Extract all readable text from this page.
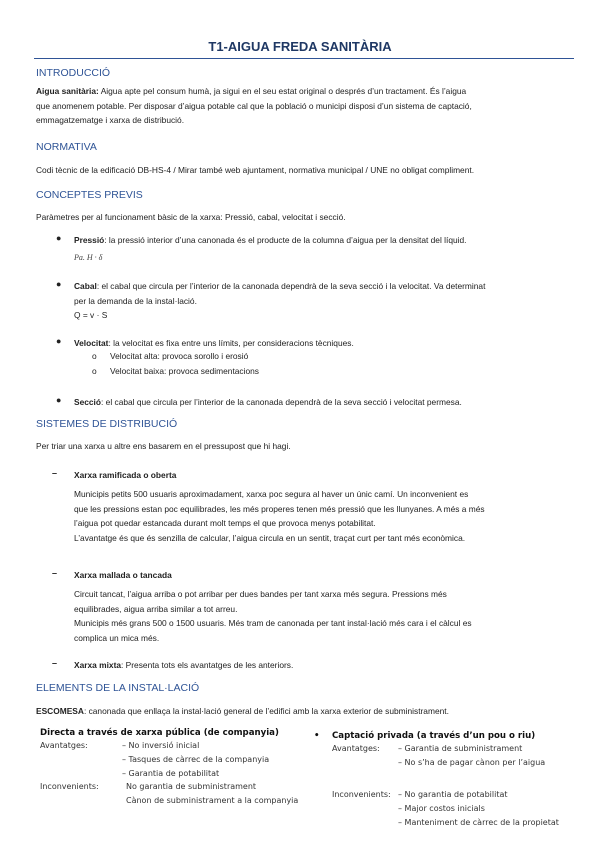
T1-AIGUA FREDA SANITÀRIA
INTRODUCCIÓ
Aigua sanitària: Aigua apte pel consum humà, ja sigui en el seu estat original o després d’un tractament. És l’aigua
que anomenem potable. Per disposar d’aigua potable cal que la població o municipi disposi d’un sistema de captació,
emmagatzematge i xarxa de distribució.
NORMATIVA
Codi tècnic de la edificació DB-HS-4 / Mirar també web ajuntament, normativa municipal / UNE no obligat compliment.
CONCEPTES PREVIS
Paràmetres per al funcionament bàsic de la xarxa: Pressió, cabal, velocitat i secció.
● Pressió: la pressió interior d’una canonada és el producte de la columna d’aigua per la densitat del líquid.
Pa. H · δ
● Cabal: el cabal que circula per l’interior de la canonada dependrà de la seva secció i la velocitat. Va determinat
per la demanda de la instal·lació.
Q = v · S
● Velocitat: la velocitat es fixa entre uns límits, per consideracions tècniques.
o Velocitat alta: provoca sorollo i erosió
o Velocitat baixa: provoca sedimentacions
● Secció: el cabal que circula per l’interior de la canonada dependrà de la seva secció i velocitat permesa.
SISTEMES DE DISTRIBUCIÓ
Per triar una xarxa u altre ens basarem en el pressupost que hi hagi.
– Xarxa ramificada o oberta
Municipis petits 500 usuaris aproximadament, xarxa poc segura al haver un únic camí. Un inconvenient es
que les pressions estan poc equilibrades, les més properes tenen més pressió que les llunyanes. A més a més
l’aigua pot quedar estancada durant molt temps el que provoca menys potabilitat.
L’avantatge és que és senzilla de calcular, l’aigua circula en un sentit, traçat curt per tant més econòmica.
– Xarxa mallada o tancada
Circuit tancat, l’aigua arriba o pot arribar per dues bandes per tant xarxa més segura. Pressions més
equilibrades, aigua arriba similar a tot arreu.
Municipis més grans 500 o 1500 usuaris. Més tram de canonada per tant instal·lació més cara i el càlcul es
complica un mica més.
– Xarxa mixta: Presenta tots els avantatges de les anteriors.
ELEMENTS DE LA INSTAL·LACIÓ
ESCOMESA: canonada que enllaça la instal·lació general de l’edifici amb la xarxa exterior de subministrament.
Directa a través de xarxa pública (de companyia)
Avantatges:	– No inversió inicial
– Tasques de càrrec de la companyia
– Garantia de potabilitat
Inconvenients:	No garantia de subministrament
Cànon de subministrament a la companyia
• Captació privada (a través d’un pou o riu)
Avantatges: – Garantia de subministrament
– No s’ha de pagar cànon per l’aigua
Inconvenients: – No garantia de potabilitat
– Major costos inicials
– Manteniment de càrrec de la propietat
